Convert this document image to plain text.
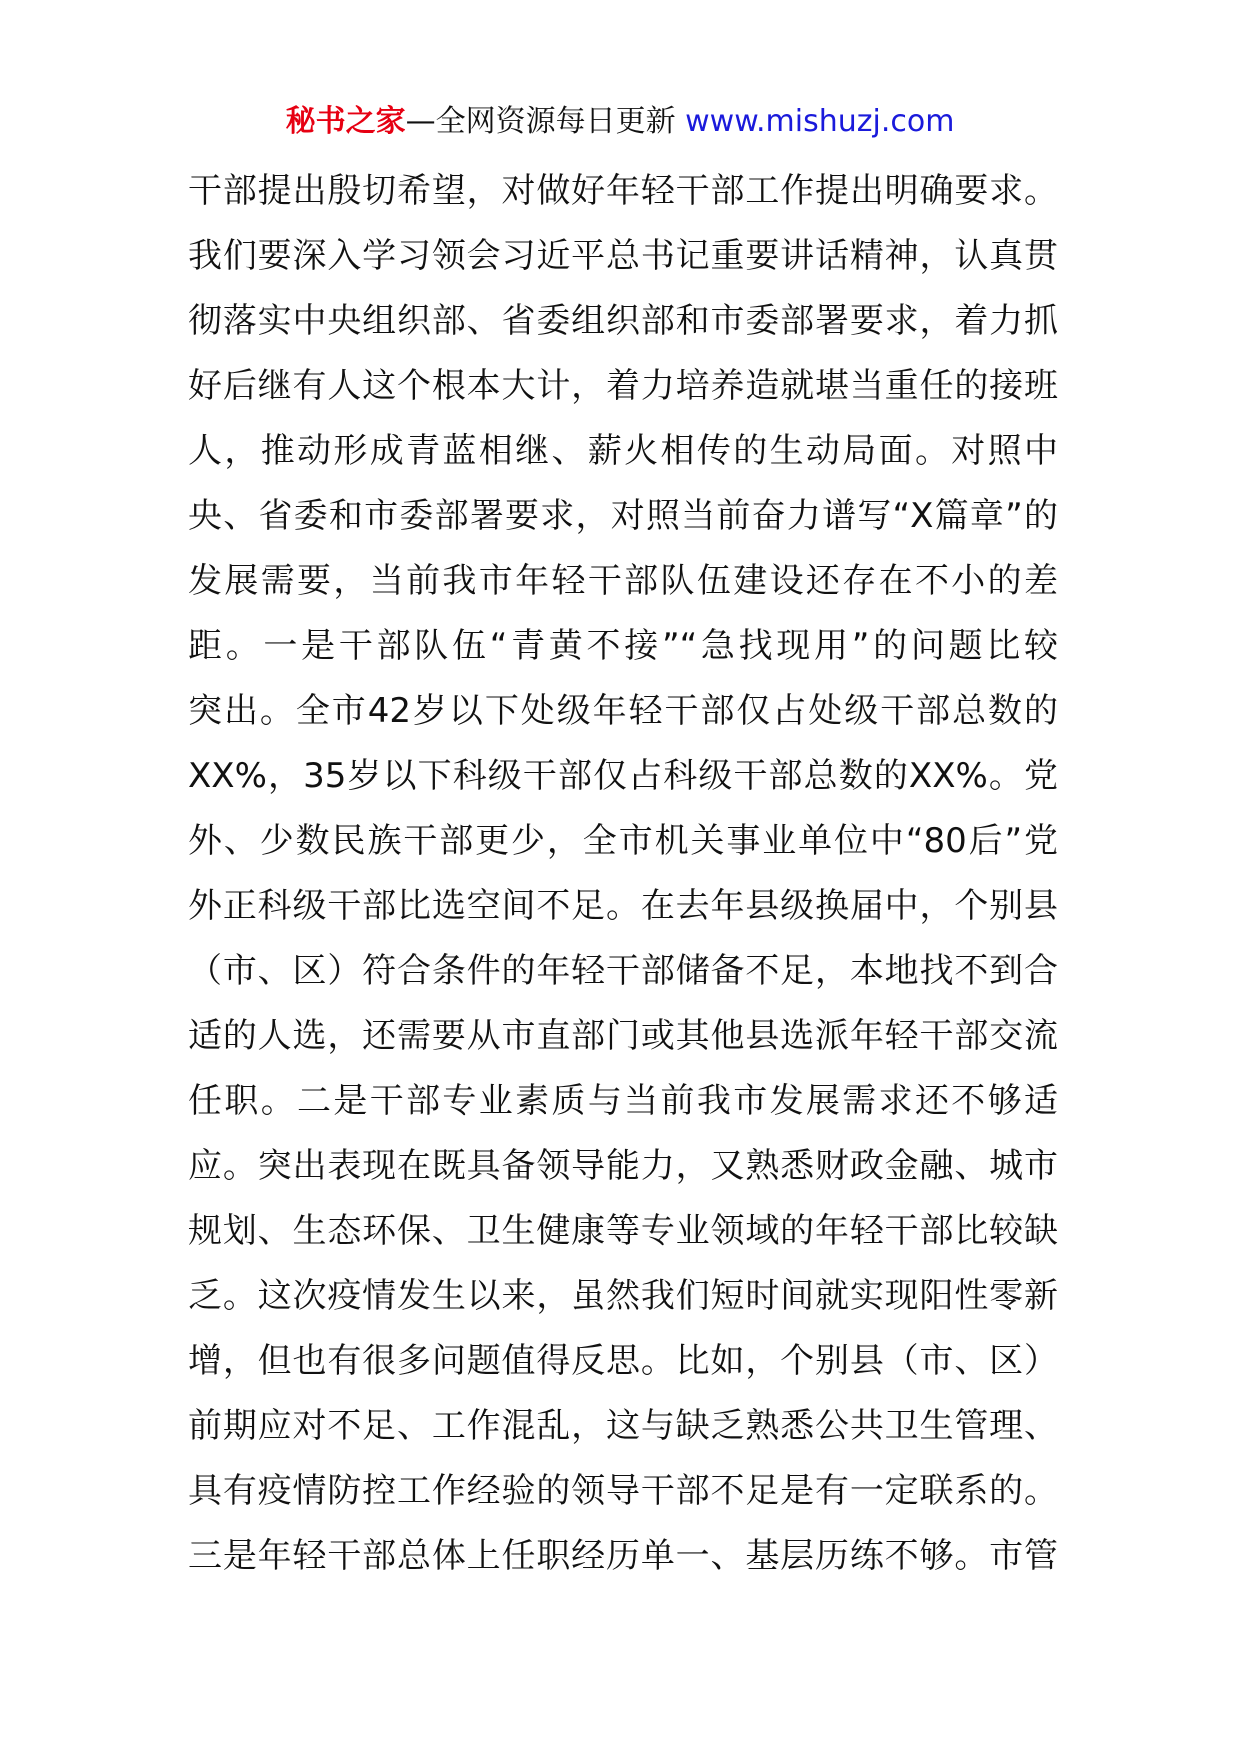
秘书之家—全网资源每日更新 www.mishuzj.com
干部提出殷切希望，对做好年轻干部工作提出明确要求。
我们要深入学习领会习近平总书记重要讲话精神，认真贯
彻落实中央组织部、省委组织部和市委部署要求，着力抓
好后继有人这个根本大计，着力培养造就堪当重任的接班
人，推动形成青蓝相继、薪火相传的生动局面。对照中
央、省委和市委部署要求，对照当前奋力谱写“X篇章”的
发展需要，当前我市年轻干部队伍建设还存在不小的差
距。一是干部队伍“青黄不接”“急找现用”的问题比较
突出。全市42岁以下处级年轻干部仅占处级干部总数的
XX%，35岁以下科级干部仅占科级干部总数的XX%。党
外、少数民族干部更少，全市机关事业单位中“80后”党
外正科级干部比选空间不足。在去年县级换届中，个别县
（市、区）符合条件的年轻干部储备不足，本地找不到合
适的人选，还需要从市直部门或其他县选派年轻干部交流
任职。二是干部专业素质与当前我市发展需求还不够适
应。突出表现在既具备领导能力，又熟悉财政金融、城市
规划、生态环保、卫生健康等专业领域的年轻干部比较缺
乏。这次疫情发生以来，虽然我们短时间就实现阳性零新
增，但也有很多问题值得反思。比如，个别县（市、区）
前期应对不足、工作混乱，这与缺乏熟悉公共卫生管理、
具有疫情防控工作经验的领导干部不足是有一定联系的。
三是年轻干部总体上任职经历单一、基层历练不够。市管
